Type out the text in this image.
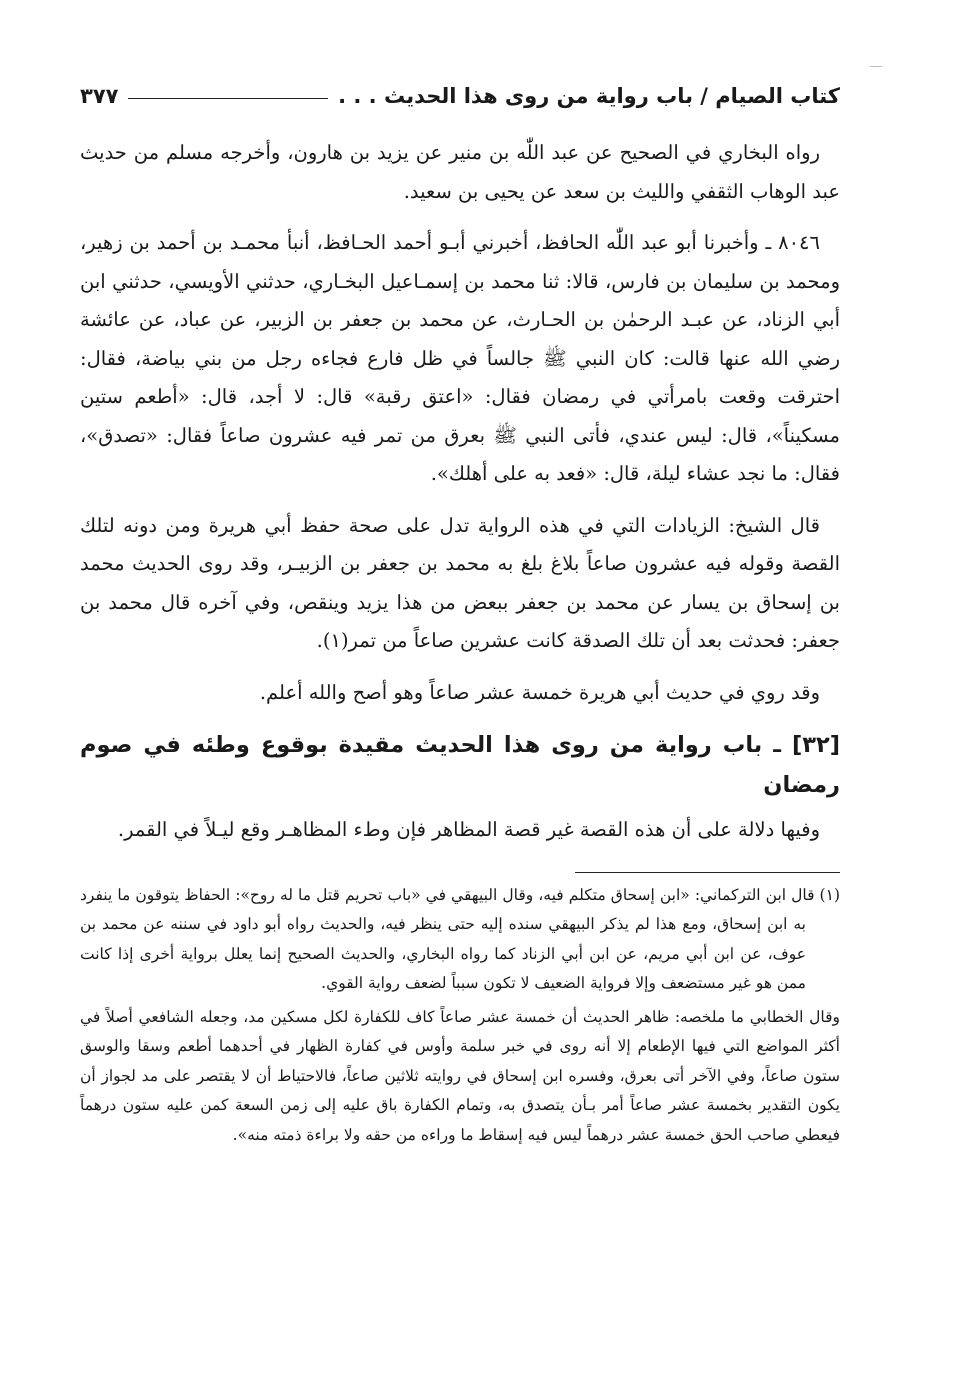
كتاب الصيام / باب رواية من روى هذا الحديث . . .
٣٧٧

رواه البخاري في الصحيح عن عبد اللّٰه بن منير عن يزيد بن هارون، وأخرجه مسلم من حديث عبد الوهاب الثقفي والليث بن سعد عن يحيى بن سعيد.

٨٠٤٦ ـ وأخبرنا أبو عبد اللّٰه الحافظ، أخبرني أبـو أحمد الحـافظ، أنبأ محمـد بن أحمد بن زهير، ومحمد بن سليمان بن فارس، قالا: ثنا محمد بن إسمـاعيل البخـاري، حدثني الأويسي، حدثني ابن أبي الزناد، عن عبـد الرحمٰن بن الحـارث، عن محمد بن جعفر بن الزبير، عن عباد، عن عائشة رضي الله عنها قالت: كان النبي ﷺ جالساً في ظل فارع فجاءه رجل من بني بياضة، فقال: احترقت وقعت بامرأتي في رمضان فقال: «اعتق رقبة» قال: لا أجد، قال: «أطعم ستين مسكيناً»، قال: ليس عندي، فأتى النبي ﷺ بعرق من تمر فيه عشرون صاعاً فقال: «تصدق»، فقال: ما نجد عشاء ليلة، قال: «فعد به على أهلك».

قال الشيخ: الزيادات التي في هذه الرواية تدل على صحة حفظ أبي هريرة ومن دونه لتلك القصة وقوله فيه عشرون صاعاً بلاغ بلغ به محمد بن جعفر بن الزبيـر، وقد روى الحديث محمد بن إسحاق بن يسار عن محمد بن جعفر ببعض من هذا يزيد وينقص، وفي آخره قال محمد بن جعفر: فحدثت بعد أن تلك الصدقة كانت عشرين صاعاً من تمر(١).

وقد روي في حديث أبي هريرة خمسة عشر صاعاً وهو أصح والله أعلم.

[٣٢] ـ باب رواية من روى هذا الحديث مقيدة بوقوع وطئه في صوم رمضان

وفيها دلالة على أن هذه القصة غير قصة المظاهر فإن وطء المظاهـر وقع ليـلاً في القمر.

(١) قال ابن التركماني: «ابن إسحاق متكلم فيه، وقال البيهقي في «باب تحريم قتل ما له روح»: الحفاظ يتوقون ما ينفرد به ابن إسحاق، ومع هذا لم يذكر البيهقي سنده إليه حتى ينظر فيه، والحديث رواه أبو داود في سننه عن محمد بن عوف، عن ابن أبي مريم، عن ابن أبي الزناد كما رواه البخاري، والحديث الصحيح إنما يعلل برواية أخرى إذا كانت ممن هو غير مستضعف وإلا فرواية الضعيف لا تكون سبباً لضعف رواية القوي.

وقال الخطابي ما ملخصه: ظاهر الحديث أن خمسة عشر صاعاً كاف للكفارة لكل مسكين مد، وجعله الشافعي أصلاً في أكثر المواضع التي فيها الإطعام إلا أنه روى في خبر سلمة وأوس في كفارة الظهار في أحدهما أطعم وسقا والوسق ستون صاعاً، وفي الآخر أتى بعرق، وفسره ابن إسحاق في روايته ثلاثين صاعاً، فالاحتياط أن لا يقتصر على مد لجواز أن يكون التقدير بخمسة عشر صاعاً أمر بـأن يتصدق به، وتمام الكفارة باق عليه إلى زمن السعة كمن عليه ستون درهماً فيعطي صاحب الحق خمسة عشر درهماً ليس فيه إسقاط ما وراءه من حقه ولا براءة ذمته منه».
